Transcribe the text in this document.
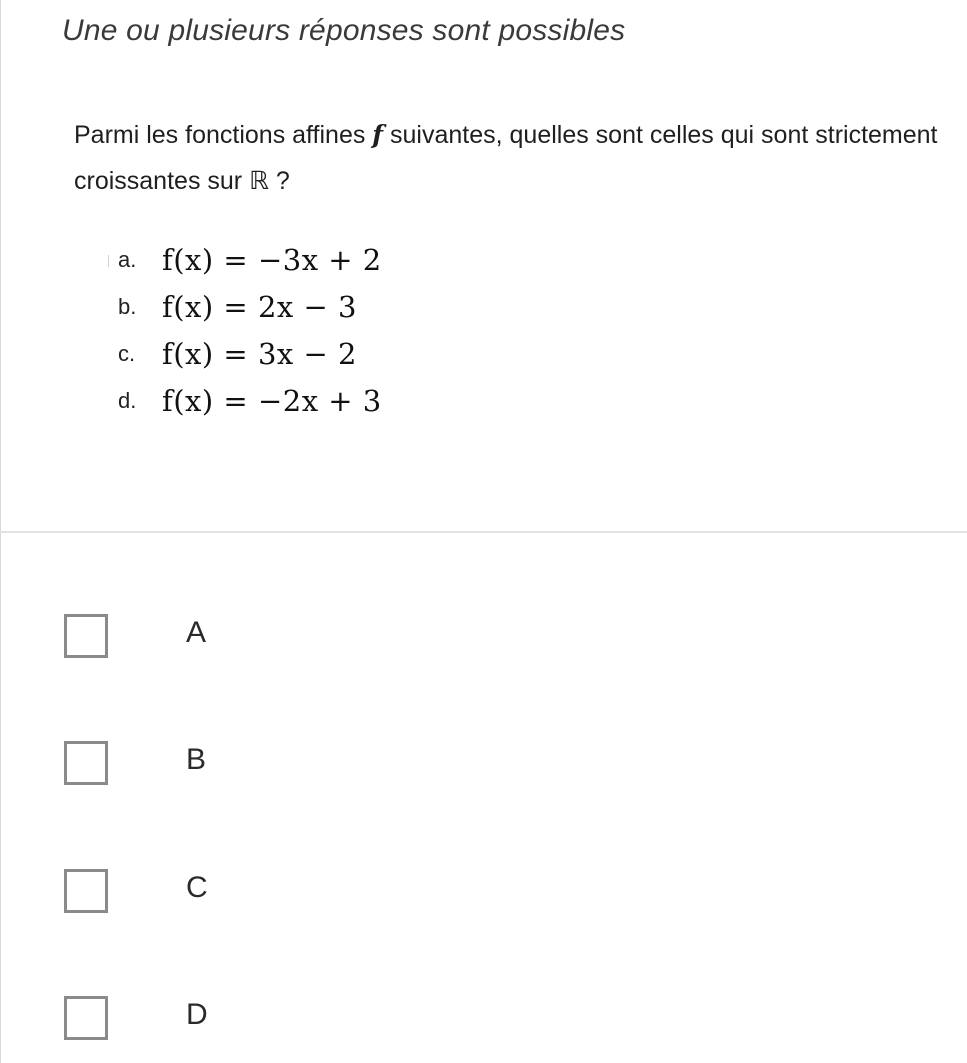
Une ou plusieurs réponses sont possibles
Parmi les fonctions affines f suivantes, quelles sont celles qui sont strictement croissantes sur ℝ ?
a. f(x) = −3x + 2
b. f(x) = 2x − 3
c. f(x) = 3x − 2
d. f(x) = −2x + 3
A
B
C
D
